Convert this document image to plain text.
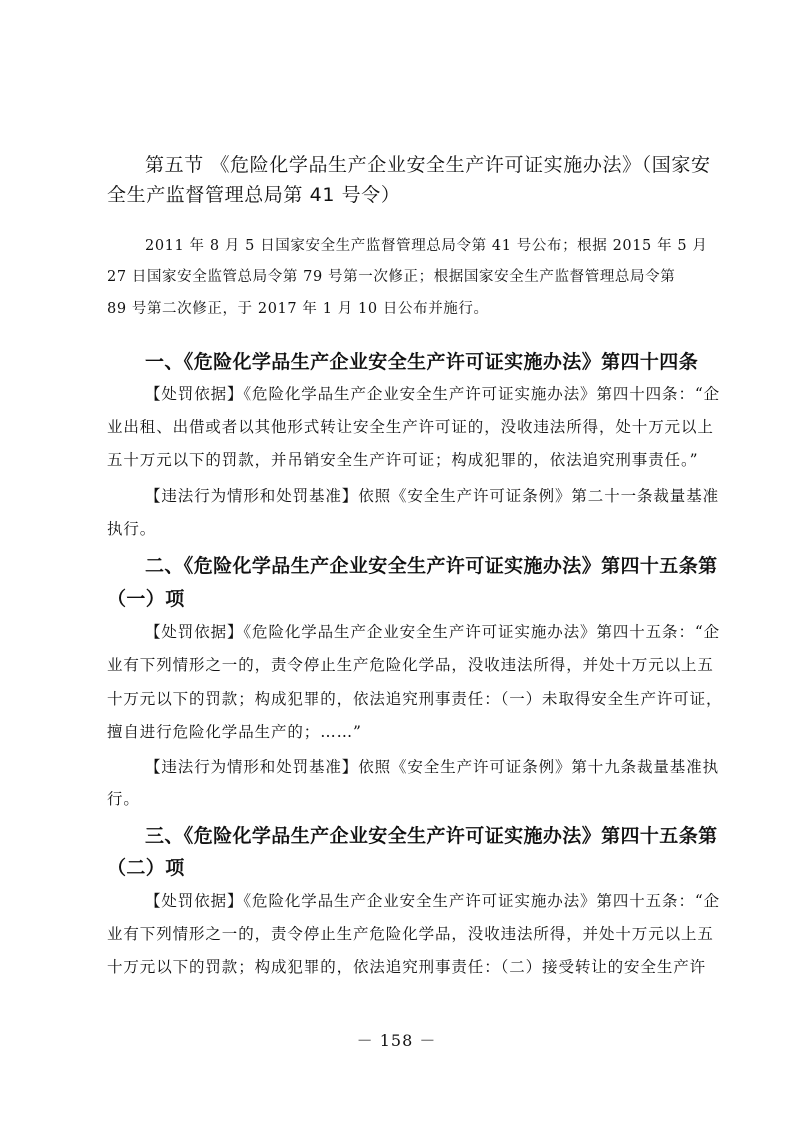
第五节 《危险化学品生产企业安全生产许可证实施办法》（国家安
全生产监督管理总局第 41 号令）
2011 年 8 月 5 日国家安全生产监督管理总局令第 41 号公布；根据 2015 年 5 月
27 日国家安全监管总局令第 79 号第一次修正；根据国家安全生产监督管理总局令第
89 号第二次修正，于 2017 年 1 月 10 日公布并施行。
一、《危险化学品生产企业安全生产许可证实施办法》第四十四条
【处罚依据】《危险化学品生产企业安全生产许可证实施办法》第四十四条：“企
业出租、出借或者以其他形式转让安全生产许可证的，没收违法所得，处十万元以上
五十万元以下的罚款，并吊销安全生产许可证；构成犯罪的，依法追究刑事责任。”
【违法行为情形和处罚基准】依照《安全生产许可证条例》第二十一条裁量基准
执行。
二、《危险化学品生产企业安全生产许可证实施办法》第四十五条第
（一）项
【处罚依据】《危险化学品生产企业安全生产许可证实施办法》第四十五条：“企
业有下列情形之一的，责令停止生产危险化学品，没收违法所得，并处十万元以上五
十万元以下的罚款；构成犯罪的，依法追究刑事责任：（一）未取得安全生产许可证，
擅自进行危险化学品生产的；……”
【违法行为情形和处罚基准】依照《安全生产许可证条例》第十九条裁量基准执
行。
三、《危险化学品生产企业安全生产许可证实施办法》第四十五条第
（二）项
【处罚依据】《危险化学品生产企业安全生产许可证实施办法》第四十五条：“企
业有下列情形之一的，责令停止生产危险化学品，没收违法所得，并处十万元以上五
十万元以下的罚款；构成犯罪的，依法追究刑事责任：（二）接受转让的安全生产许
－ 158 －
